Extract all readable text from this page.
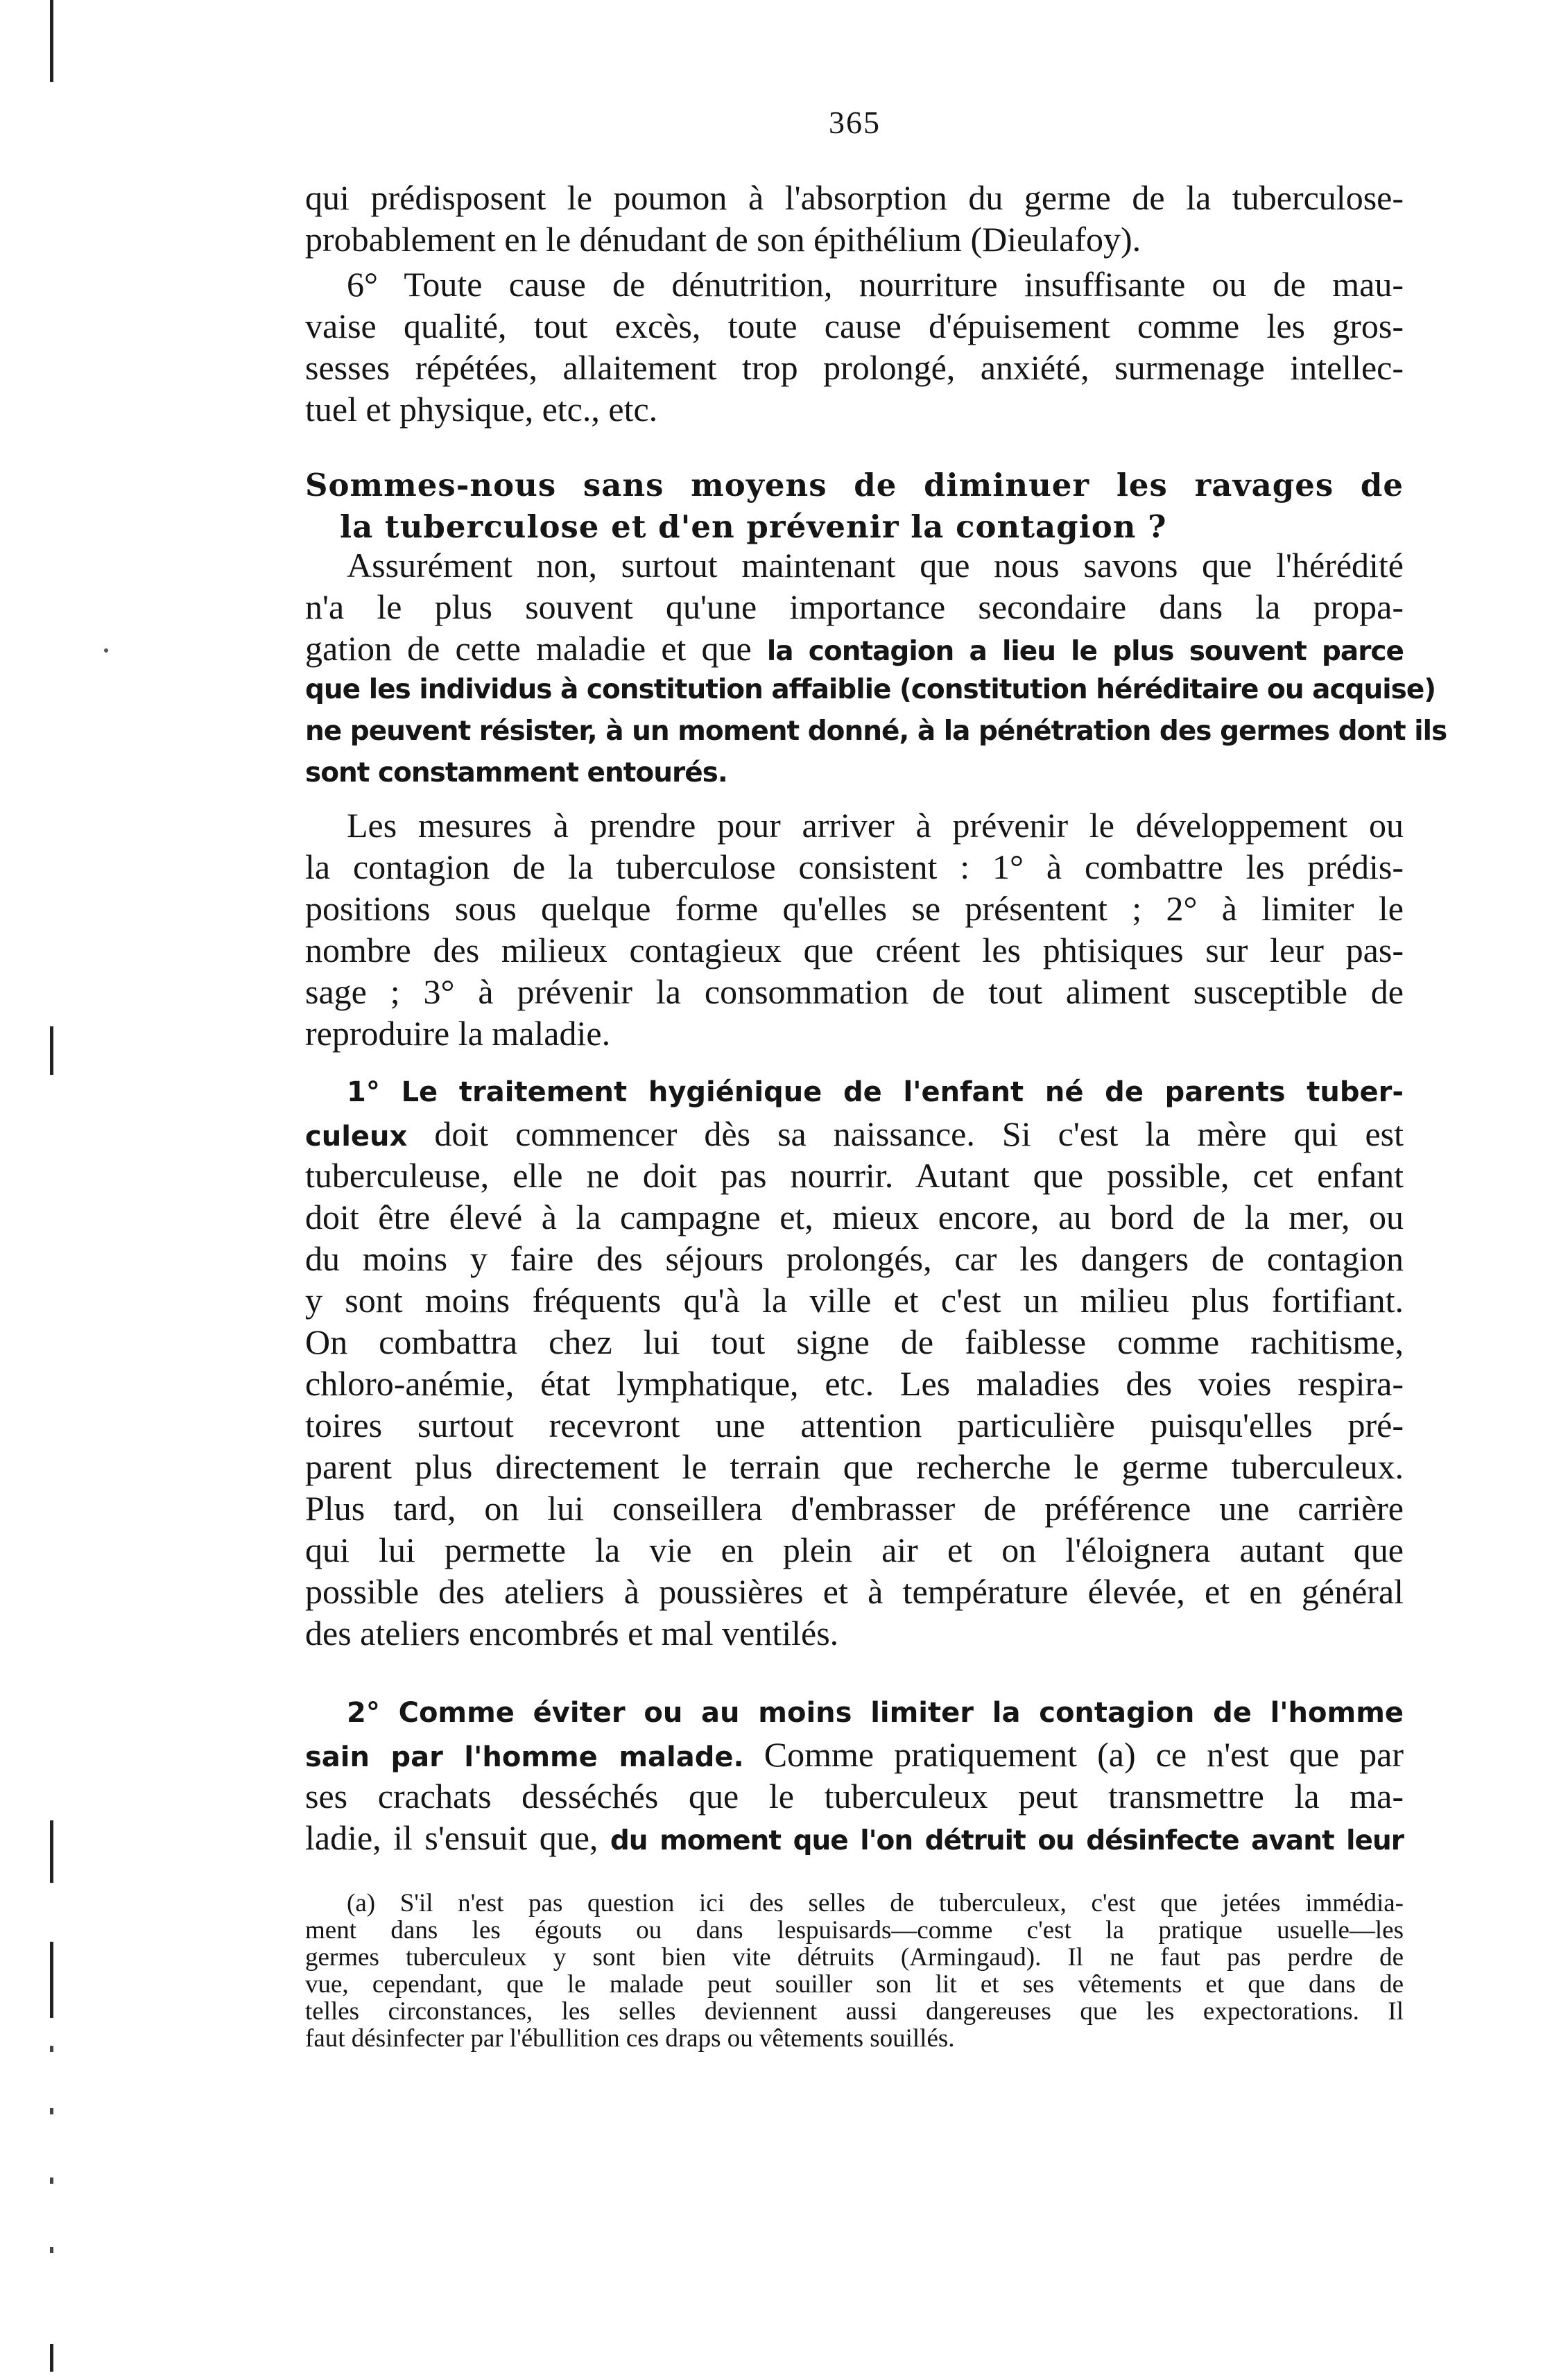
365
qui prédisposent le poumon à l'absorption du germe de la tuberculose-
probablement en le dénudant de son épithélium (Dieulafoy).
6° Toute cause de dénutrition, nourriture insuffisante ou de mau-
vaise qualité, tout excès, toute cause d'épuisement comme les gros-
sesses répétées, allaitement trop prolongé, anxiété, surmenage intellec-
tuel et physique, etc., etc.
Sommes-nous sans moyens de diminuer les ravages de
la tuberculose et d'en prévenir la contagion ?
Assurément non, surtout maintenant que nous savons que l'hérédité
n'a le plus souvent qu'une importance secondaire dans la propa-
gation de cette maladie et que la contagion a lieu le plus souvent parce
que les individus à constitution affaiblie (constitution héréditaire ou acquise)
ne peuvent résister, à un moment donné, à la pénétration des germes dont ils
sont constamment entourés.
Les mesures à prendre pour arriver à prévenir le développement ou
la contagion de la tuberculose consistent : 1° à combattre les prédis-
positions sous quelque forme qu'elles se présentent ; 2° à limiter le
nombre des milieux contagieux que créent les phtisiques sur leur pas-
sage ; 3° à prévenir la consommation de tout aliment susceptible de
reproduire la maladie.
1° Le traitement hygiénique de l'enfant né de parents tuber-
culeux doit commencer dès sa naissance. Si c'est la mère qui est
tuberculeuse, elle ne doit pas nourrir. Autant que possible, cet enfant
doit être élevé à la campagne et, mieux encore, au bord de la mer, ou
du moins y faire des séjours prolongés, car les dangers de contagion
y sont moins fréquents qu'à la ville et c'est un milieu plus fortifiant.
On combattra chez lui tout signe de faiblesse comme rachitisme,
chloro-anémie, état lymphatique, etc. Les maladies des voies respira-
toires surtout recevront une attention particulière puisqu'elles pré-
parent plus directement le terrain que recherche le germe tuberculeux.
Plus tard, on lui conseillera d'embrasser de préférence une carrière
qui lui permette la vie en plein air et on l'éloignera autant que
possible des ateliers à poussières et à température élevée, et en général
des ateliers encombrés et mal ventilés.
2° Comme éviter ou au moins limiter la contagion de l'homme
sain par l'homme malade. Comme pratiquement (a) ce n'est que par
ses crachats desséchés que le tuberculeux peut transmettre la ma-
ladie, il s'ensuit que, du moment que l'on détruit ou désinfecte avant leur
(a) S'il n'est pas question ici des selles de tuberculeux, c'est que jetées immédia-
ment dans les égouts ou dans lespuisards—comme c'est la pratique usuelle—les
germes tuberculeux y sont bien vite détruits (Armingaud). Il ne faut pas perdre de
vue, cependant, que le malade peut souiller son lit et ses vêtements et que dans de
telles circonstances, les selles deviennent aussi dangereuses que les expectorations. Il
faut désinfecter par l'ébullition ces draps ou vêtements souillés.
